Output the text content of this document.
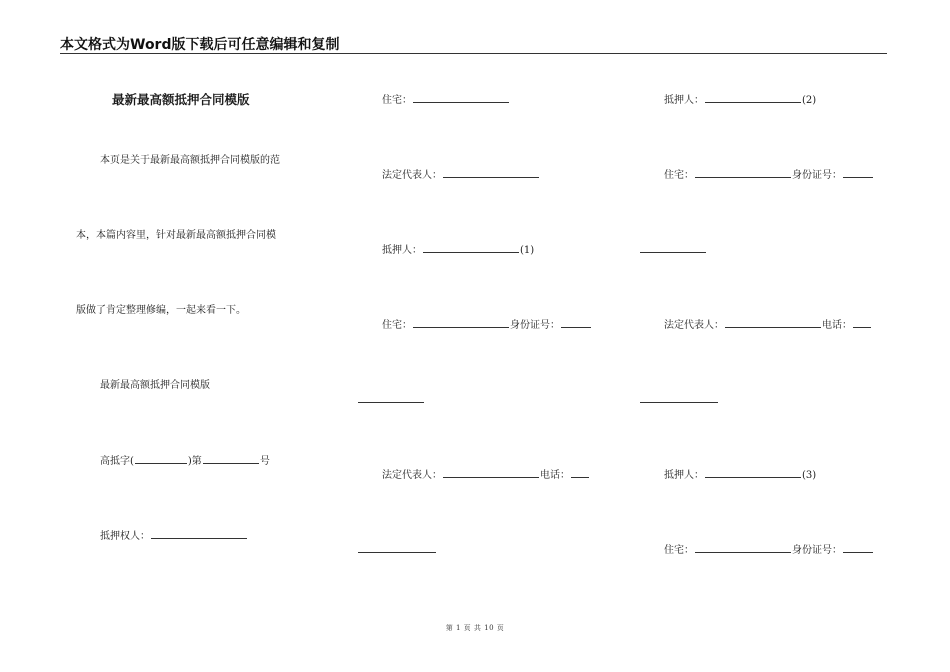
本文格式为Word版下载后可任意编辑和复制
最新最高额抵押合同模版
本页是关于最新最高额抵押合同模版的范
本，本篇内容里，针对最新最高额抵押合同模
版做了肯定整理修编，一起来看一下。
最新最高额抵押合同模版
高抵字(	)第	号
抵押权人：
住宅：
法定代表人：
抵押人：	(1)
住宅：	身份证号：
法定代表人：	电话：
抵押人：	(2)
住宅：	身份证号：
法定代表人：	电话：
抵押人：	(3)
住宅：	身份证号：
第 1 页 共 10 页
